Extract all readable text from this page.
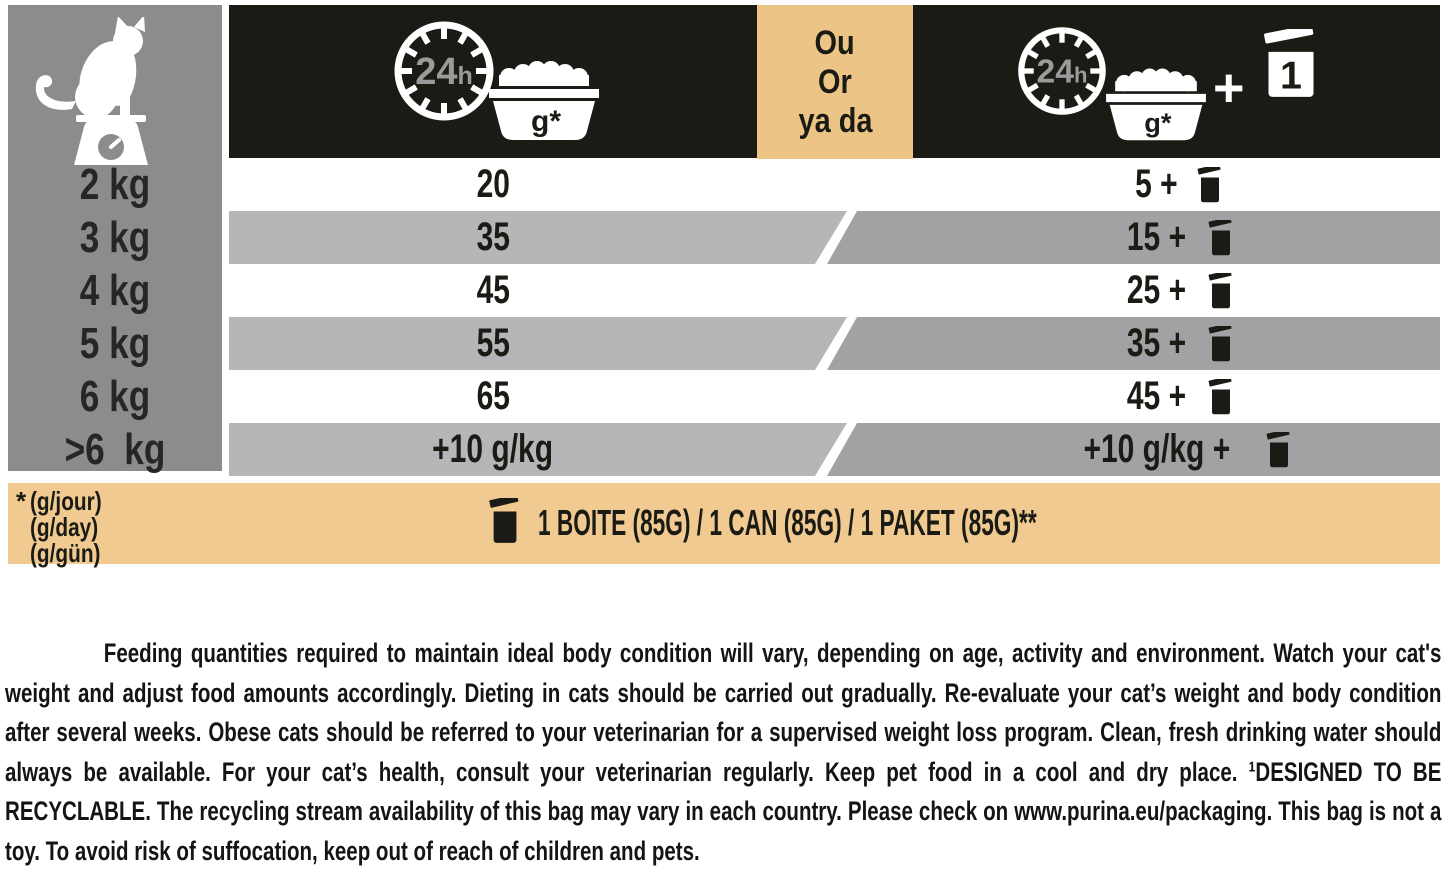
24h
g*
Ou
Or
ya da
24h
g*
+ 1
2 kg	20	5 +
3 kg	35	15 +
4 kg	45	25 +
5 kg	55	35 +
6 kg	65	45 +
>6  kg	+10 g/kg	+10 g/kg +
* (g/jour)
(g/day)
(g/gün)
1 BOITE (85G) / 1 CAN (85G) / 1 PAKET (85G)**
Feeding quantities required to maintain ideal body condition will vary, depending on age, activity and environment. Watch your cat's weight and adjust food amounts accordingly. Dieting in cats should be carried out gradually. Re-evaluate your cat’s weight and body condition after several weeks. Obese cats should be referred to your veterinarian for a supervised weight loss program. Clean, fresh drinking water should always be available. For your cat’s health, consult your veterinarian regularly. Keep pet food in a cool and dry place. ¹DESIGNED TO BE RECYCLABLE. The recycling stream availability of this bag may vary in each country. Please check on www.purina.eu/packaging. This bag is not a toy. To avoid risk of suffocation, keep out of reach of children and pets.
